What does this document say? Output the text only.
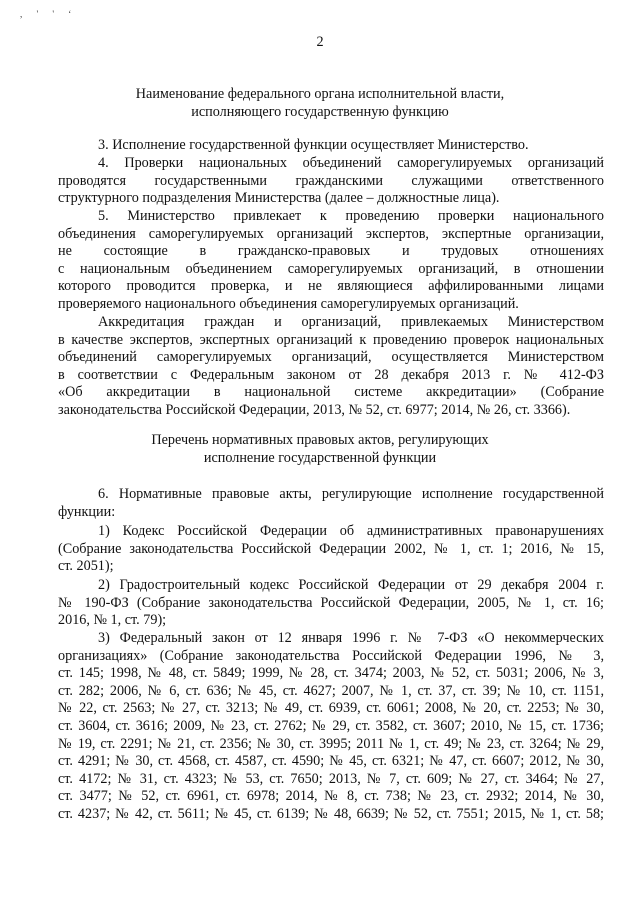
, ' ' ‘
2
Наименование федерального органа исполнительной власти,
исполняющего государственную функцию
3. Исполнение государственной функции осуществляет Министерство.
4. Проверки национальных объединений саморегулируемых организаций
проводятся государственными гражданскими служащими ответственного
структурного подразделения Министерства (далее – должностные лица).
5. Министерство привлекает к проведению проверки национального
объединения саморегулируемых организаций экспертов, экспертные организации,
не состоящие в гражданско-правовых и трудовых отношениях
с национальным объединением саморегулируемых организаций, в отношении
которого проводится проверка, и не являющиеся аффилированными лицами
проверяемого национального объединения саморегулируемых организаций.
Аккредитация граждан и организаций, привлекаемых Министерством
в качестве экспертов, экспертных организаций к проведению проверок национальных
объединений саморегулируемых организаций, осуществляется Министерством
в соответствии с Федеральным законом от 28 декабря 2013 г. № 412-ФЗ
«Об аккредитации в национальной системе аккредитации» (Собрание
законодательства Российской Федерации, 2013, № 52, ст. 6977; 2014, № 26, ст. 3366).
Перечень нормативных правовых актов, регулирующих
исполнение государственной функции
6. Нормативные правовые акты, регулирующие исполнение государственной
функции:
1) Кодекс Российской Федерации об административных правонарушениях
(Собрание законодательства Российской Федерации 2002, № 1, ст. 1; 2016, № 15,
ст. 2051);
2) Градостроительный кодекс Российской Федерации от 29 декабря 2004 г.
№ 190-ФЗ (Собрание законодательства Российской Федерации, 2005, № 1, ст. 16;
2016, № 1, ст. 79);
3) Федеральный закон от 12 января 1996 г. № 7-ФЗ «О некоммерческих
организациях» (Собрание законодательства Российской Федерации 1996, № 3,
ст. 145; 1998, № 48, ст. 5849; 1999, № 28, ст. 3474; 2003, № 52, ст. 5031; 2006, № 3,
ст. 282; 2006, № 6, ст. 636; № 45, ст. 4627; 2007, № 1, ст. 37, ст. 39; № 10, ст. 1151,
№ 22, ст. 2563; № 27, ст. 3213; № 49, ст. 6939, ст. 6061; 2008, № 20, ст. 2253; № 30,
ст. 3604, ст. 3616; 2009, № 23, ст. 2762; № 29, ст. 3582, ст. 3607; 2010, № 15, ст. 1736;
№ 19, ст. 2291; № 21, ст. 2356; № 30, ст. 3995; 2011 № 1, ст. 49; № 23, ст. 3264; № 29,
ст. 4291; № 30, ст. 4568, ст. 4587, ст. 4590; № 45, ст. 6321; № 47, ст. 6607; 2012, № 30,
ст. 4172; № 31, ст. 4323; № 53, ст. 7650; 2013, № 7, ст. 609; № 27, ст. 3464; № 27,
ст. 3477; № 52, ст. 6961, ст. 6978; 2014, № 8, ст. 738; № 23, ст. 2932; 2014, № 30,
ст. 4237; № 42, ст. 5611; № 45, ст. 6139; № 48, 6639; № 52, ст. 7551; 2015, № 1, ст. 58;
